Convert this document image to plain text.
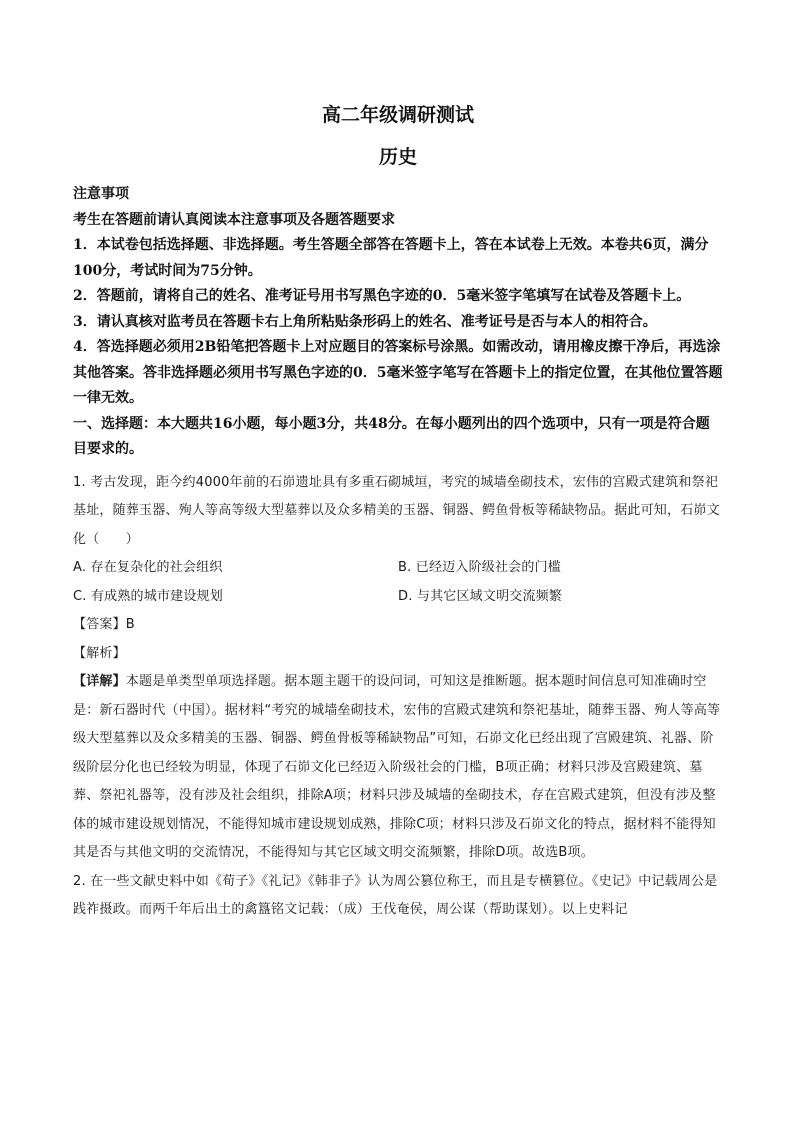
高二年级调研测试
历史

注意事项

考生在答题前请认真阅读本注意事项及各题答题要求

1．本试卷包括选择题、非选择题。考生答题全部答在答题卡上，答在本试卷上无效。本卷共6页，满分100分，考试时间为75分钟。

2．答题前，请将自己的姓名、准考证号用书写黑色字迹的0．5毫米签字笔填写在试卷及答题卡上。

3．请认真核对监考员在答题卡右上角所粘贴条形码上的姓名、准考证号是否与本人的相符合。

4．答选择题必须用2B铅笔把答题卡上对应题目的答案标号涂黑。如需改动，请用橡皮擦干净后，再选涂其他答案。答非选择题必须用书写黑色字迹的0．5毫米签字笔写在答题卡上的指定位置，在其他位置答题一律无效。

一、选择题：本大题共16小题，每小题3分，共48分。在每小题列出的四个选项中，只有一项是符合题目要求的。

1. 考古发现，距今约4000年前的石峁遗址具有多重石砌城垣，考究的城墙垒砌技术，宏伟的宫殿式建筑和祭祀基址，随葬玉器、殉人等高等级大型墓葬以及众多精美的玉器、铜器、鳄鱼骨板等稀缺物品。据此可知，石峁文化（　　）

A. 存在复杂化的社会组织	B. 已经迈入阶级社会的门槛
C. 有成熟的城市建设规划	D. 与其它区域文明交流频繁

【答案】B

【解析】

【详解】本题是单类型单项选择题。据本题主题干的设问词，可知这是推断题。据本题时间信息可知准确时空是：新石器时代（中国）。据材料“考究的城墙垒砌技术，宏伟的宫殿式建筑和祭祀基址，随葬玉器、殉人等高等级大型墓葬以及众多精美的玉器、铜器、鳄鱼骨板等稀缺物品”可知，石峁文化已经出现了宫殿建筑、礼器、阶级阶层分化也已经较为明显，体现了石峁文化已经迈入阶级社会的门槛，B项正确；材料只涉及宫殿建筑、墓葬、祭祀礼器等，没有涉及社会组织，排除A项；材料只涉及城墙的垒砌技术，存在宫殿式建筑，但没有涉及整体的城市建设规划情况，不能得知城市建设规划成熟，排除C项；材料只涉及石峁文化的特点，据材料不能得知其是否与其他文明的交流情况，不能得知与其它区域文明交流频繁，排除D项。故选B项。

2. 在一些文献史料中如《荀子》《礼记》《韩非子》认为周公篡位称王，而且是专横篡位。《史记》中记载周公是践祚摄政。而两千年后出土的禽簋铭文记载：（成）王伐奄侯，周公谋（帮助谋划）。以上史料记
